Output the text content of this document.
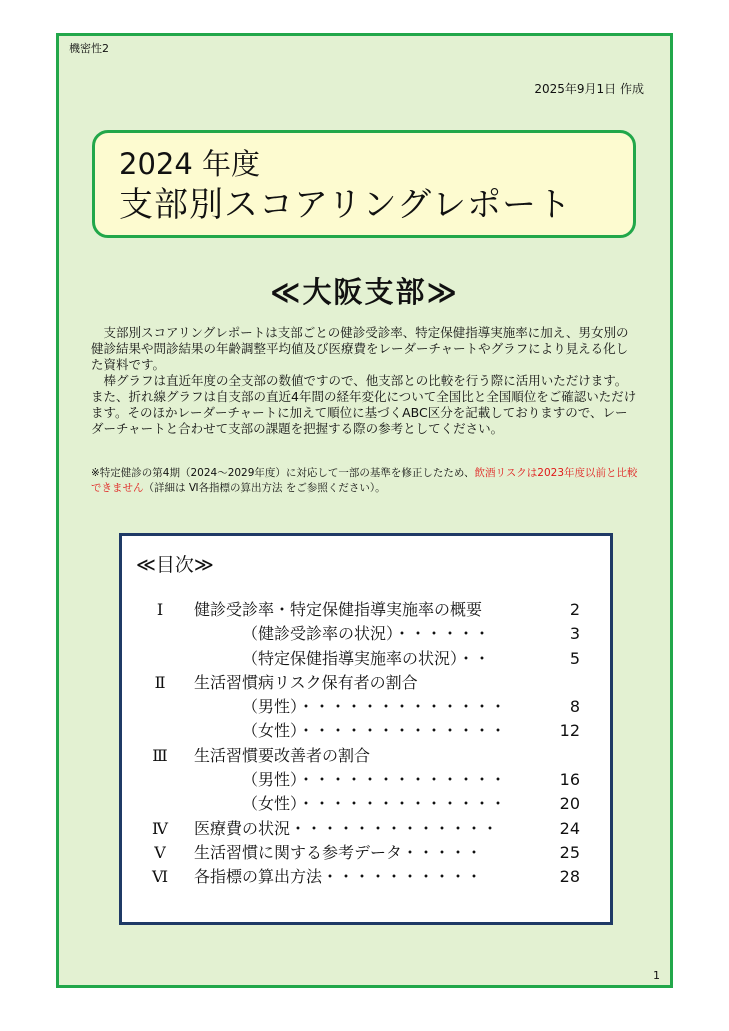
機密性2
2025年9月1日 作成
2024 年度
支部別スコアリングレポート
≪大阪支部≫

支部別スコアリングレポートは支部ごとの健診受診率、特定保健指導実施率に加え、男女別の健診結果や問診結果の年齢調整平均値及び医療費をレーダーチャートやグラフにより見える化した資料です。

棒グラフは直近年度の全支部の数値ですので、他支部との比較を行う際に活用いただけます。また、折れ線グラフは自支部の直近4年間の経年変化について全国比と全国順位をご確認いただけます。そのほかレーダーチャートに加えて順位に基づくABC区分を記載しておりますので、レーダーチャートと合わせて支部の課題を把握する際の参考としてください。

※特定健診の第4期（2024～2029年度）に対応して一部の基準を修正したため、飲酒リスクは2023年度以前と比較できません（詳細は Ⅵ各指標の算出方法 をご参照ください）。
≪目次≫
Ⅰ	健診受診率・特定保健指導実施率の概要	2
（健診受診率の状況）・・・・・・	3
（特定保健指導実施率の状況）・・	5
Ⅱ	生活習慣病リスク保有者の割合
（男性）・・・・・・・・・・・・・	8
（女性）・・・・・・・・・・・・・	12
Ⅲ	生活習慣要改善者の割合
（男性）・・・・・・・・・・・・・	16
（女性）・・・・・・・・・・・・・	20
Ⅳ	医療費の状況・・・・・・・・・・・・・	24
Ⅴ	生活習慣に関する参考データ・・・・・	25
Ⅵ	各指標の算出方法・・・・・・・・・・	28
1
